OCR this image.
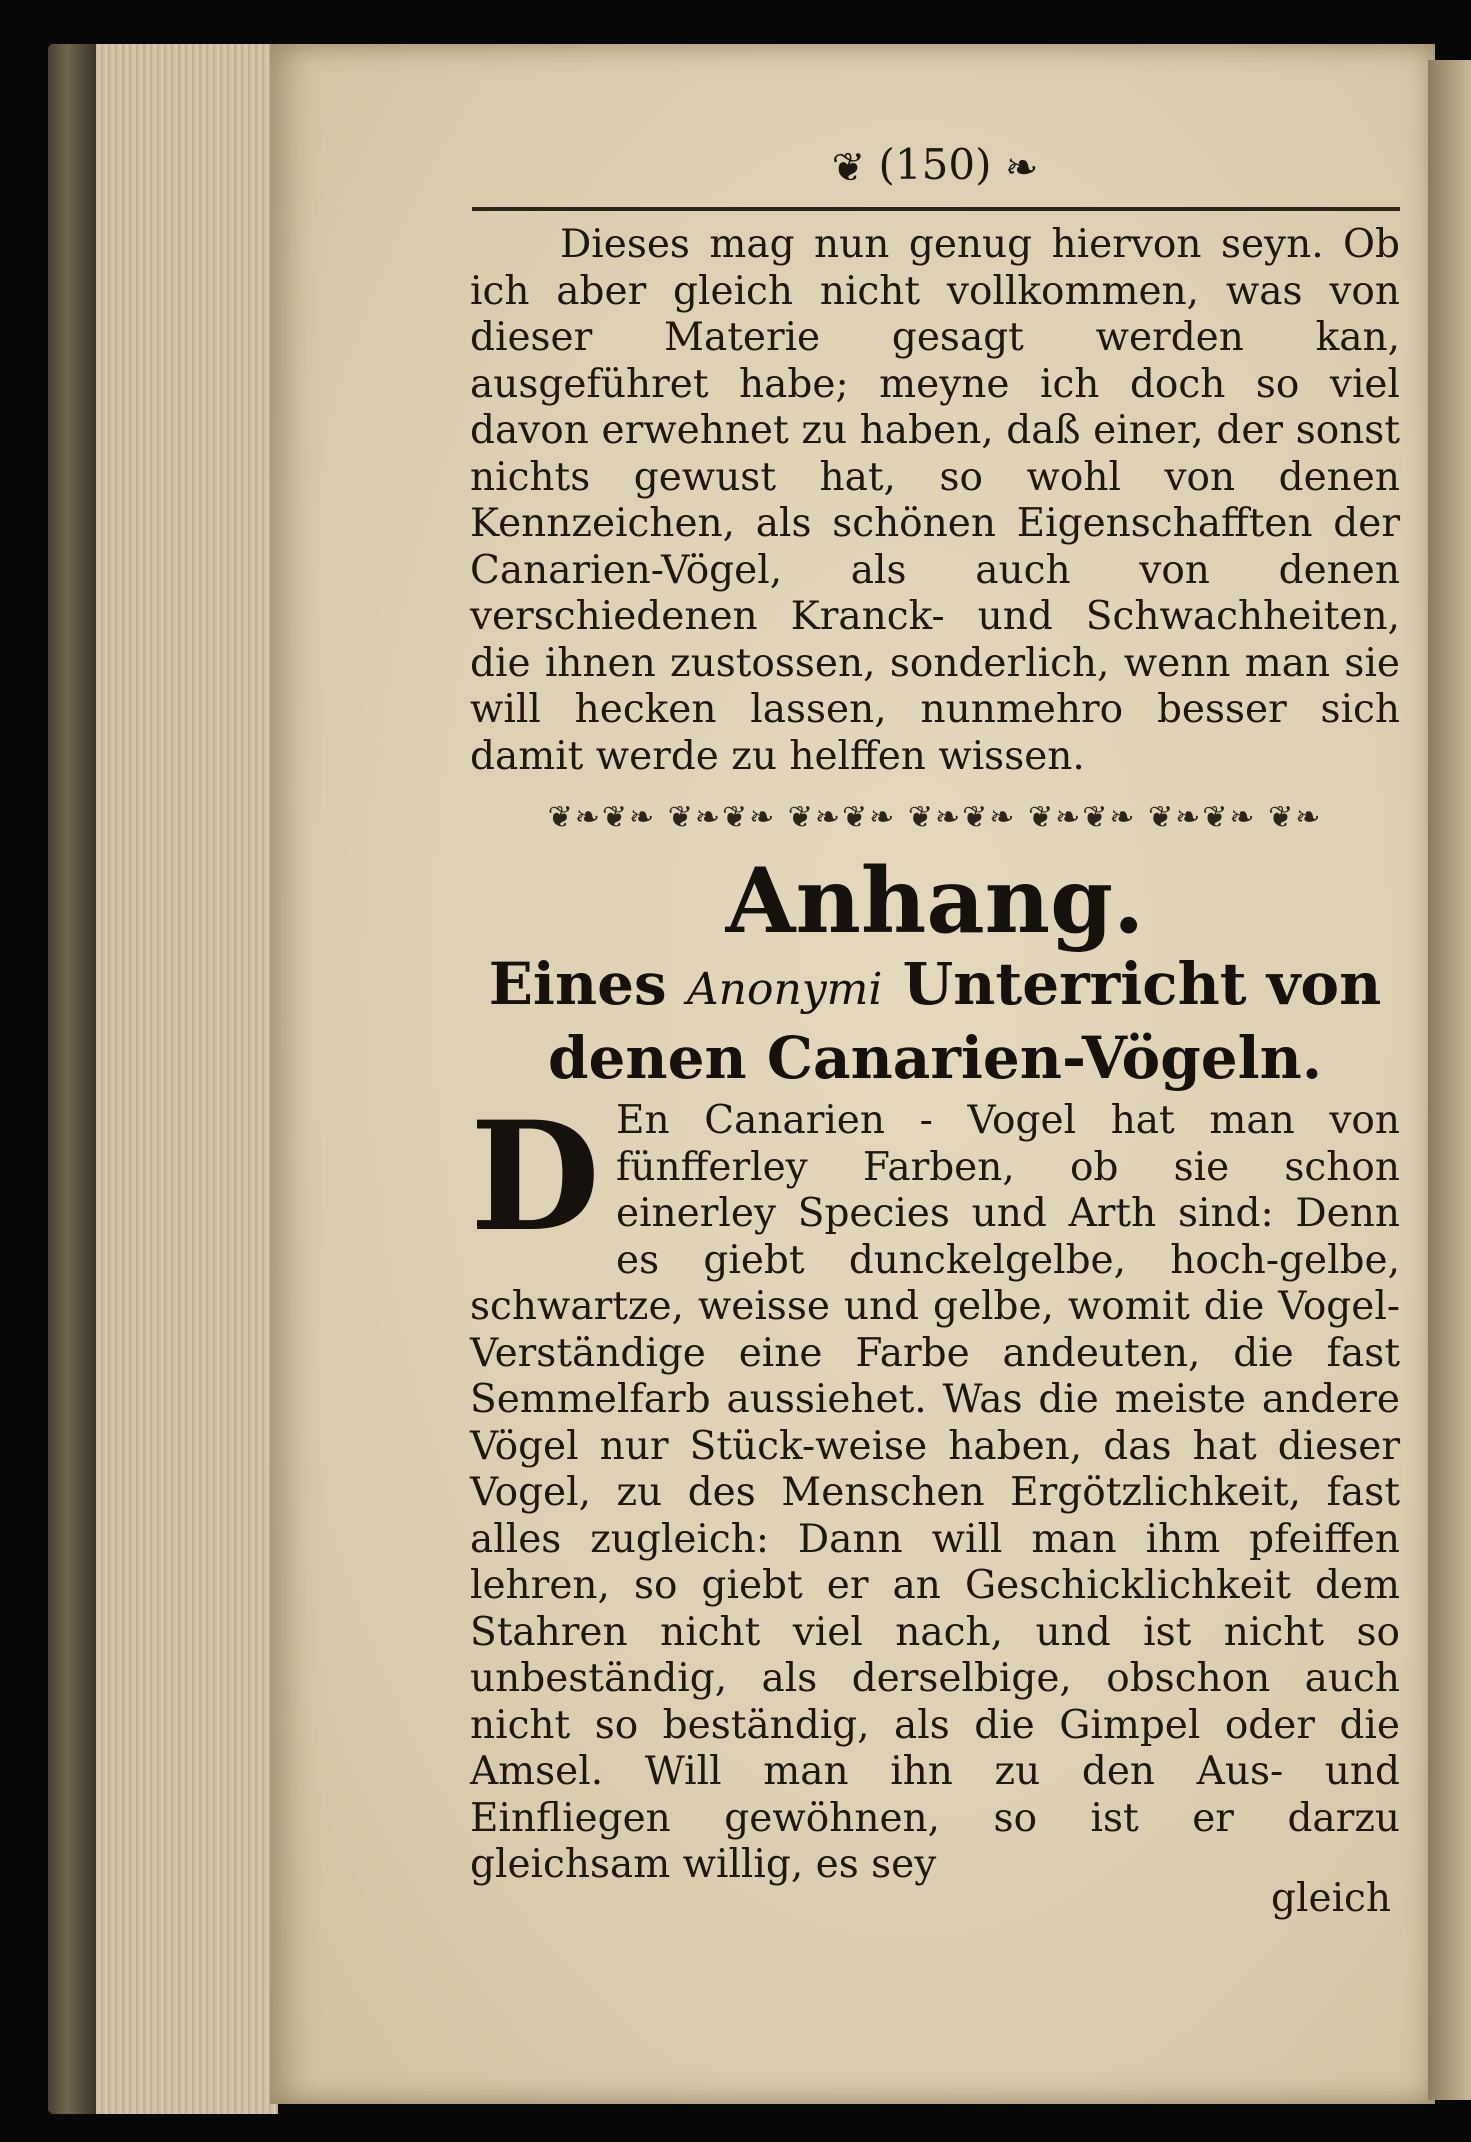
❦ (150) ❧
Dieses mag nun genug hiervon seyn. Ob ich aber gleich nicht vollkommen, was von dieser Materie gesagt werden kan, ausgeführet habe; meyne ich doch so viel davon erwehnet zu haben, daß einer, der sonst nichts gewust hat, so wohl von denen Kennzeichen, als schönen Eigenschafften der Canarien-Vögel, als auch von denen verschiedenen Kranck- und Schwachheiten, die ihnen zustossen, sonderlich, wenn man sie will hecken lassen, nunmehro besser sich damit werde zu helffen wissen.
❦❧❦❧ ❦❧❦❧ ❦❧❦❧ ❦❧❦❧ ❦❧❦❧ ❦❧❦❧ ❦❧
Anhang.
Eines Anonymi Unterricht von denen Canarien-Vögeln.
D En Canarien - Vogel hat man von fünfferley Farben, ob sie schon einerley Species und Arth sind: Denn es giebt dunckelgelbe, hoch-gelbe, schwartze, weisse und gelbe, womit die Vogel-Verständige eine Farbe andeuten, die fast Semmelfarb aussiehet. Was die meiste andere Vögel nur Stück-weise haben, das hat dieser Vogel, zu des Menschen Ergötzlichkeit, fast alles zugleich: Dann will man ihm pfeiffen lehren, so giebt er an Geschicklichkeit dem Stahren nicht viel nach, und ist nicht so unbeständig, als derselbige, obschon auch nicht so beständig, als die Gimpel oder die Amsel. Will man ihn zu den Aus- und Einfliegen gewöhnen, so ist er darzu gleichsam willig, es sey
gleich
